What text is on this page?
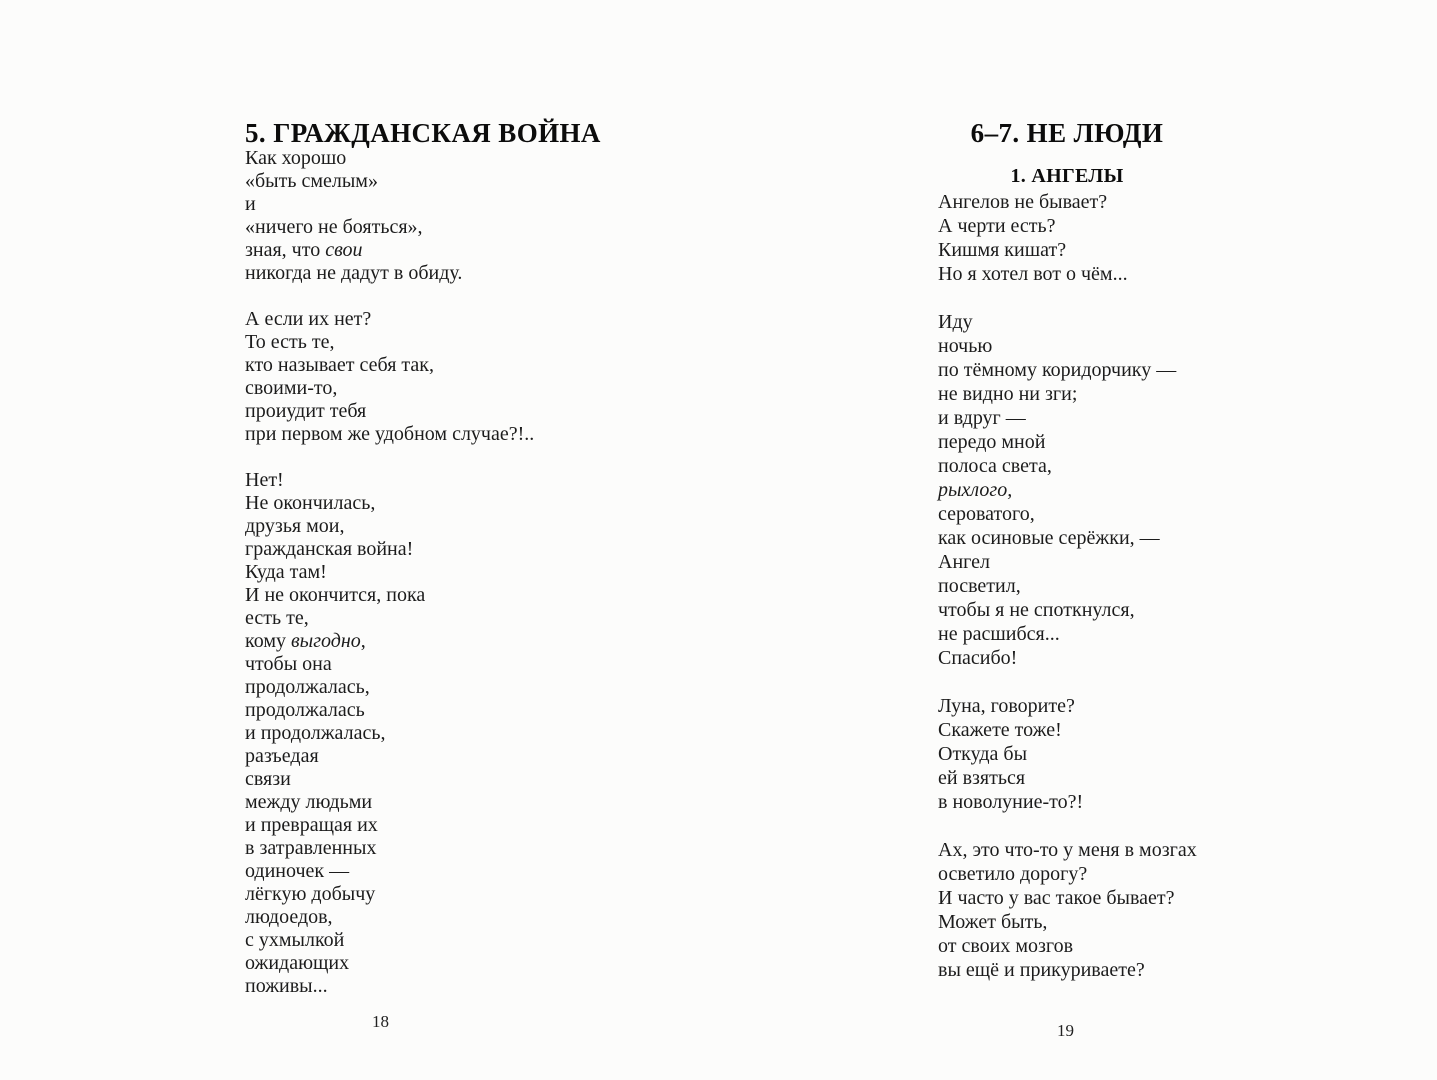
5. ГРАЖДАНСКАЯ ВОЙНА
Как хорошо
«быть смелым»
и
«ничего не бояться»,
зная, что свои
никогда не дадут в обиду.
А если их нет?
То есть те,
кто называет себя так,
своими-то,
проиудит тебя
при первом же удобном случае?!..
Нет!
Не окончилась,
друзья мои,
гражданская война!
Куда там!
И не окончится, пока
есть те,
кому выгодно,
чтобы она
продолжалась,
продолжалась
и продолжалась,
разъедая
связи
между людьми
и превращая их
в затравленных
одиночек —
лёгкую добычу
людоедов,
с ухмылкой
ожидающих
поживы...
18
6–7. НЕ ЛЮДИ
1. АНГЕЛЫ
Ангелов не бывает?
А черти есть?
Кишмя кишат?
Но я хотел вот о чём...
Иду
ночью
по тёмному коридорчику —
не видно ни зги;
и вдруг —
передо мной
полоса света,
рыхлого,
сероватого,
как осиновые серёжки, —
Ангел
посветил,
чтобы я не споткнулся,
не расшибся...
Спасибо!
Луна, говорите?
Скажете тоже!
Откуда бы
ей взяться
в новолуние-то?!
Ах, это что-то у меня в мозгах
осветило дорогу?
И часто у вас такое бывает?
Может быть,
от своих мозгов
вы ещё и прикуриваете?
19
